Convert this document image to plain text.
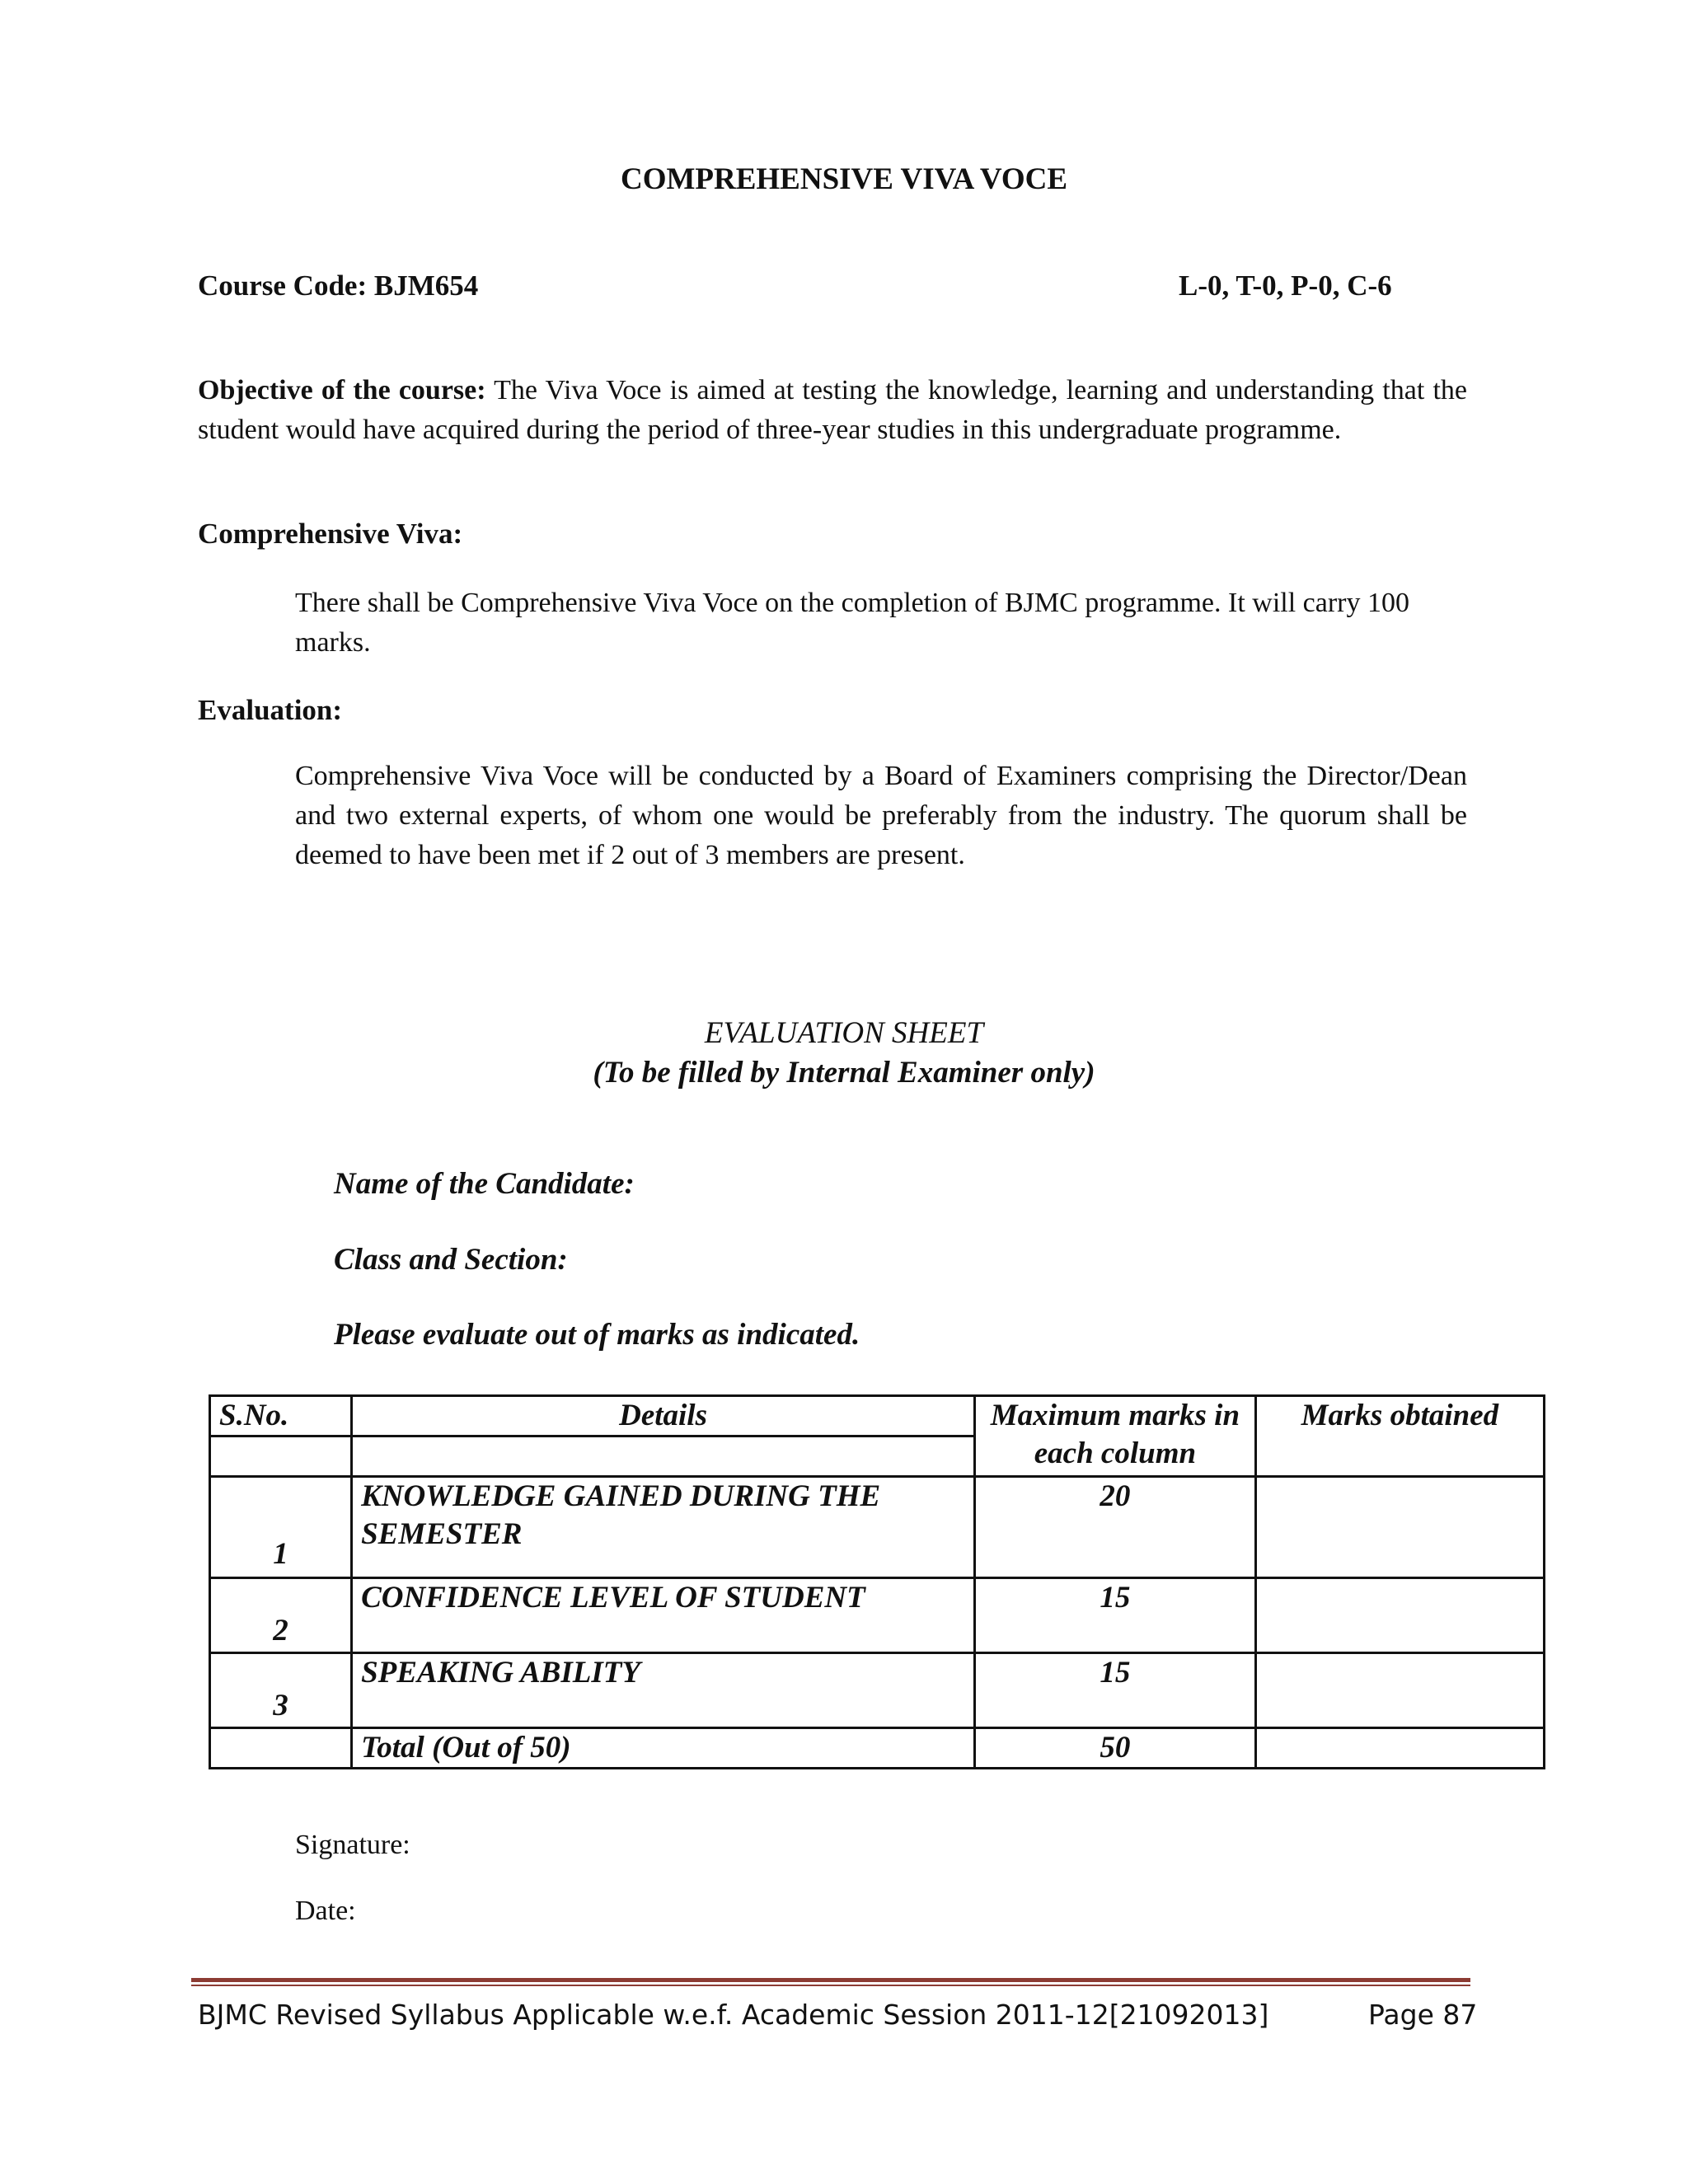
COMPREHENSIVE VIVA VOCE
Course Code: BJM654	L-0, T-0, P-0, C-6
Objective of the course: The Viva Voce is aimed at testing the knowledge, learning and understanding that the student would have acquired during the period of three-year studies in this undergraduate programme.
Comprehensive Viva:
There shall be Comprehensive Viva Voce on the completion of BJMC programme. It will carry 100 marks.
Evaluation:
Comprehensive Viva Voce will be conducted by a Board of Examiners comprising the Director/Dean and two external experts, of whom one would be preferably from the industry. The quorum shall be deemed to have been met if 2 out of 3 members are present.
EVALUATION SHEET
(To be filled by Internal Examiner only)
Name of the Candidate:
Class and Section:
Please evaluate out of marks as indicated.
S.No.	Details	Maximum marks in each column	Marks obtained

1	KNOWLEDGE GAINED DURING THE SEMESTER	20	
2	CONFIDENCE LEVEL OF STUDENT	15	
3	SPEAKING ABILITY	15	
	Total (Out of 50)	50	
Signature:
Date:
BJMC Revised Syllabus Applicable w.e.f. Academic Session 2011-12[21092013]	Page 87
